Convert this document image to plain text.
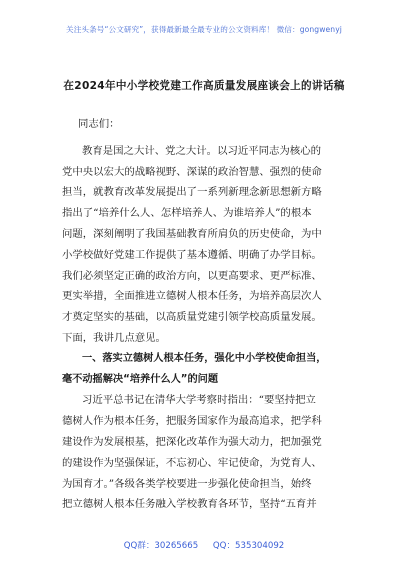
关注头条号“公文研究”，获得最新最全最专业的公文资料库！ 微信：gongwenyj
在2024年中小学校党建工作高质量发展座谈会上的讲话稿
同志们：
教育是国之大计、党之大计。以习近平同志为核心的
党中央以宏大的战略视野、深谋的政治智慧、强烈的使命
担当，就教育改革发展提出了一系列新理念新思想新方略
指出了“培养什么人、怎样培养人、为谁培养人”的根本
问题，深刻阐明了我国基础教育所肩负的历史使命，为中
小学校做好党建工作提供了基本遵循、明确了办学目标。
我们必须坚定正确的政治方向，以更高要求、更严标准、
更实举措，全面推进立德树人根本任务，为培养高层次人
才奠定坚实的基础，以高质量党建引领学校高质量发展。
下面，我讲几点意见。
一、落实立德树人根本任务，强化中小学校使命担当，
毫不动摇解决“培养什么人”的问题
习近平总书记在清华大学考察时指出：“要坚持把立
德树人作为根本任务，把服务国家作为最高追求，把学科
建设作为发展根基，把深化改革作为强大动力，把加强党
的建设作为坚强保证，不忘初心、牢记使命，为党育人、
为国育才。”各级各类学校要进一步强化使命担当，始终
把立德树人根本任务融入学校教育各环节，坚持“五育并
QQ群：30265665 QQ：535304092
